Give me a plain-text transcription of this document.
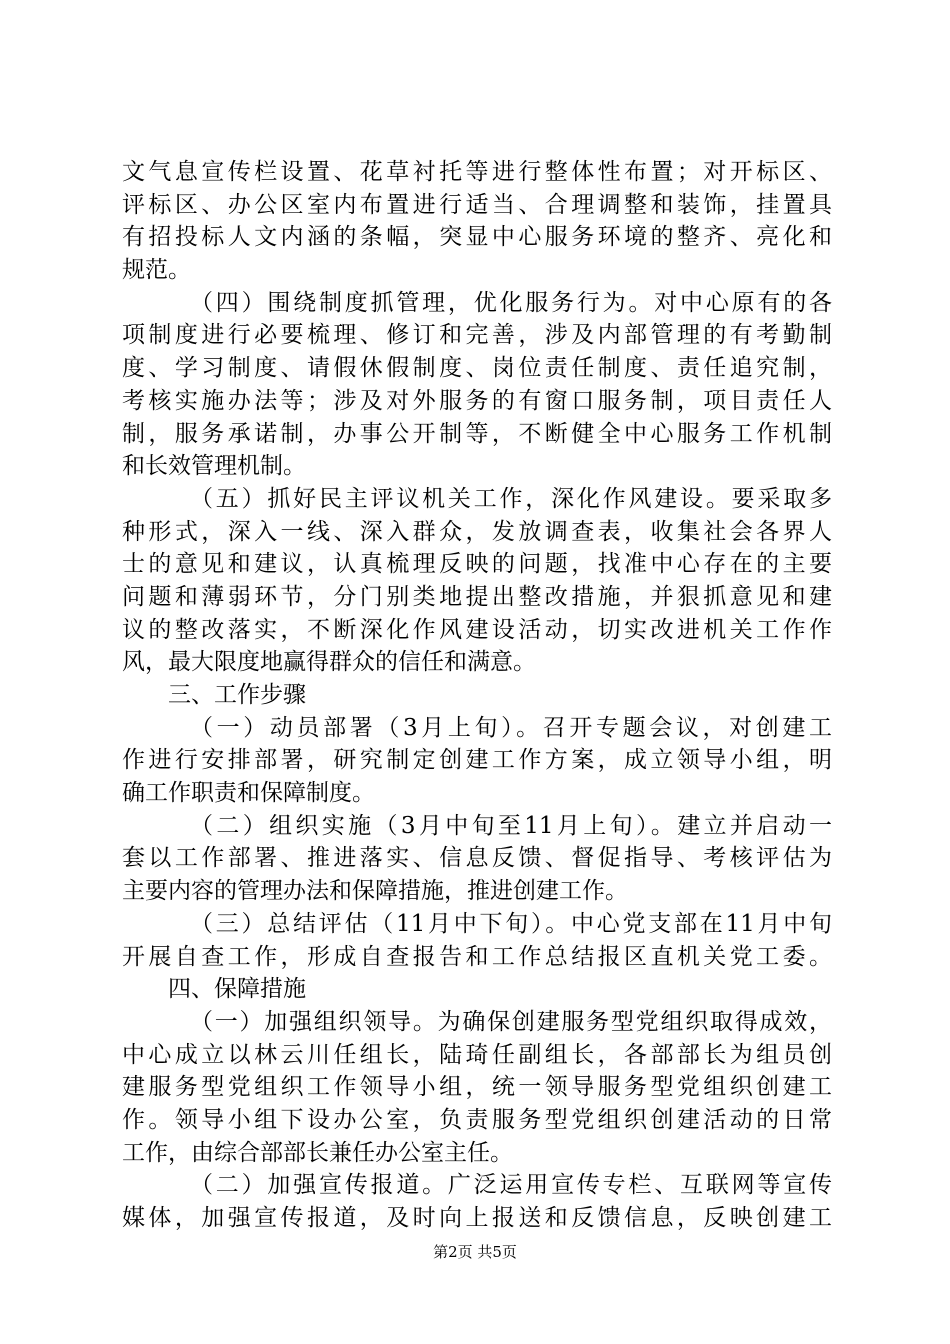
文气息宣传栏设置、花草衬托等进行整体性布置；对开标区、
评标区、办公区室内布置进行适当、合理调整和装饰，挂置具
有招投标人文内涵的条幅，突显中心服务环境的整齐、亮化和
规范。
（四）围绕制度抓管理，优化服务行为。对中心原有的各
项制度进行必要梳理、修订和完善，涉及内部管理的有考勤制
度、学习制度、请假休假制度、岗位责任制度、责任追究制，
考核实施办法等；涉及对外服务的有窗口服务制，项目责任人
制，服务承诺制，办事公开制等，不断健全中心服务工作机制
和长效管理机制。
（五）抓好民主评议机关工作，深化作风建设。要采取多
种形式，深入一线、深入群众，发放调查表，收集社会各界人
士的意见和建议，认真梳理反映的问题，找准中心存在的主要
问题和薄弱环节，分门别类地提出整改措施，并狠抓意见和建
议的整改落实，不断深化作风建设活动，切实改进机关工作作
风，最大限度地赢得群众的信任和满意。
三、工作步骤
（一）动员部署（3月上旬）。召开专题会议，对创建工
作进行安排部署，研究制定创建工作方案，成立领导小组，明
确工作职责和保障制度。
（二）组织实施（3月中旬至11月上旬）。建立并启动一
套以工作部署、推进落实、信息反馈、督促指导、考核评估为
主要内容的管理办法和保障措施，推进创建工作。
（三）总结评估（11月中下旬）。中心党支部在11月中旬
开展自查工作，形成自查报告和工作总结报区直机关党工委。
四、保障措施
（一）加强组织领导。为确保创建服务型党组织取得成效，
中心成立以林云川任组长，陆琦任副组长，各部部长为组员创
建服务型党组织工作领导小组，统一领导服务型党组织创建工
作。领导小组下设办公室，负责服务型党组织创建活动的日常
工作，由综合部部长兼任办公室主任。
（二）加强宣传报道。广泛运用宣传专栏、互联网等宣传
媒体，加强宣传报道，及时向上报送和反馈信息，反映创建工
第2页 共5页
